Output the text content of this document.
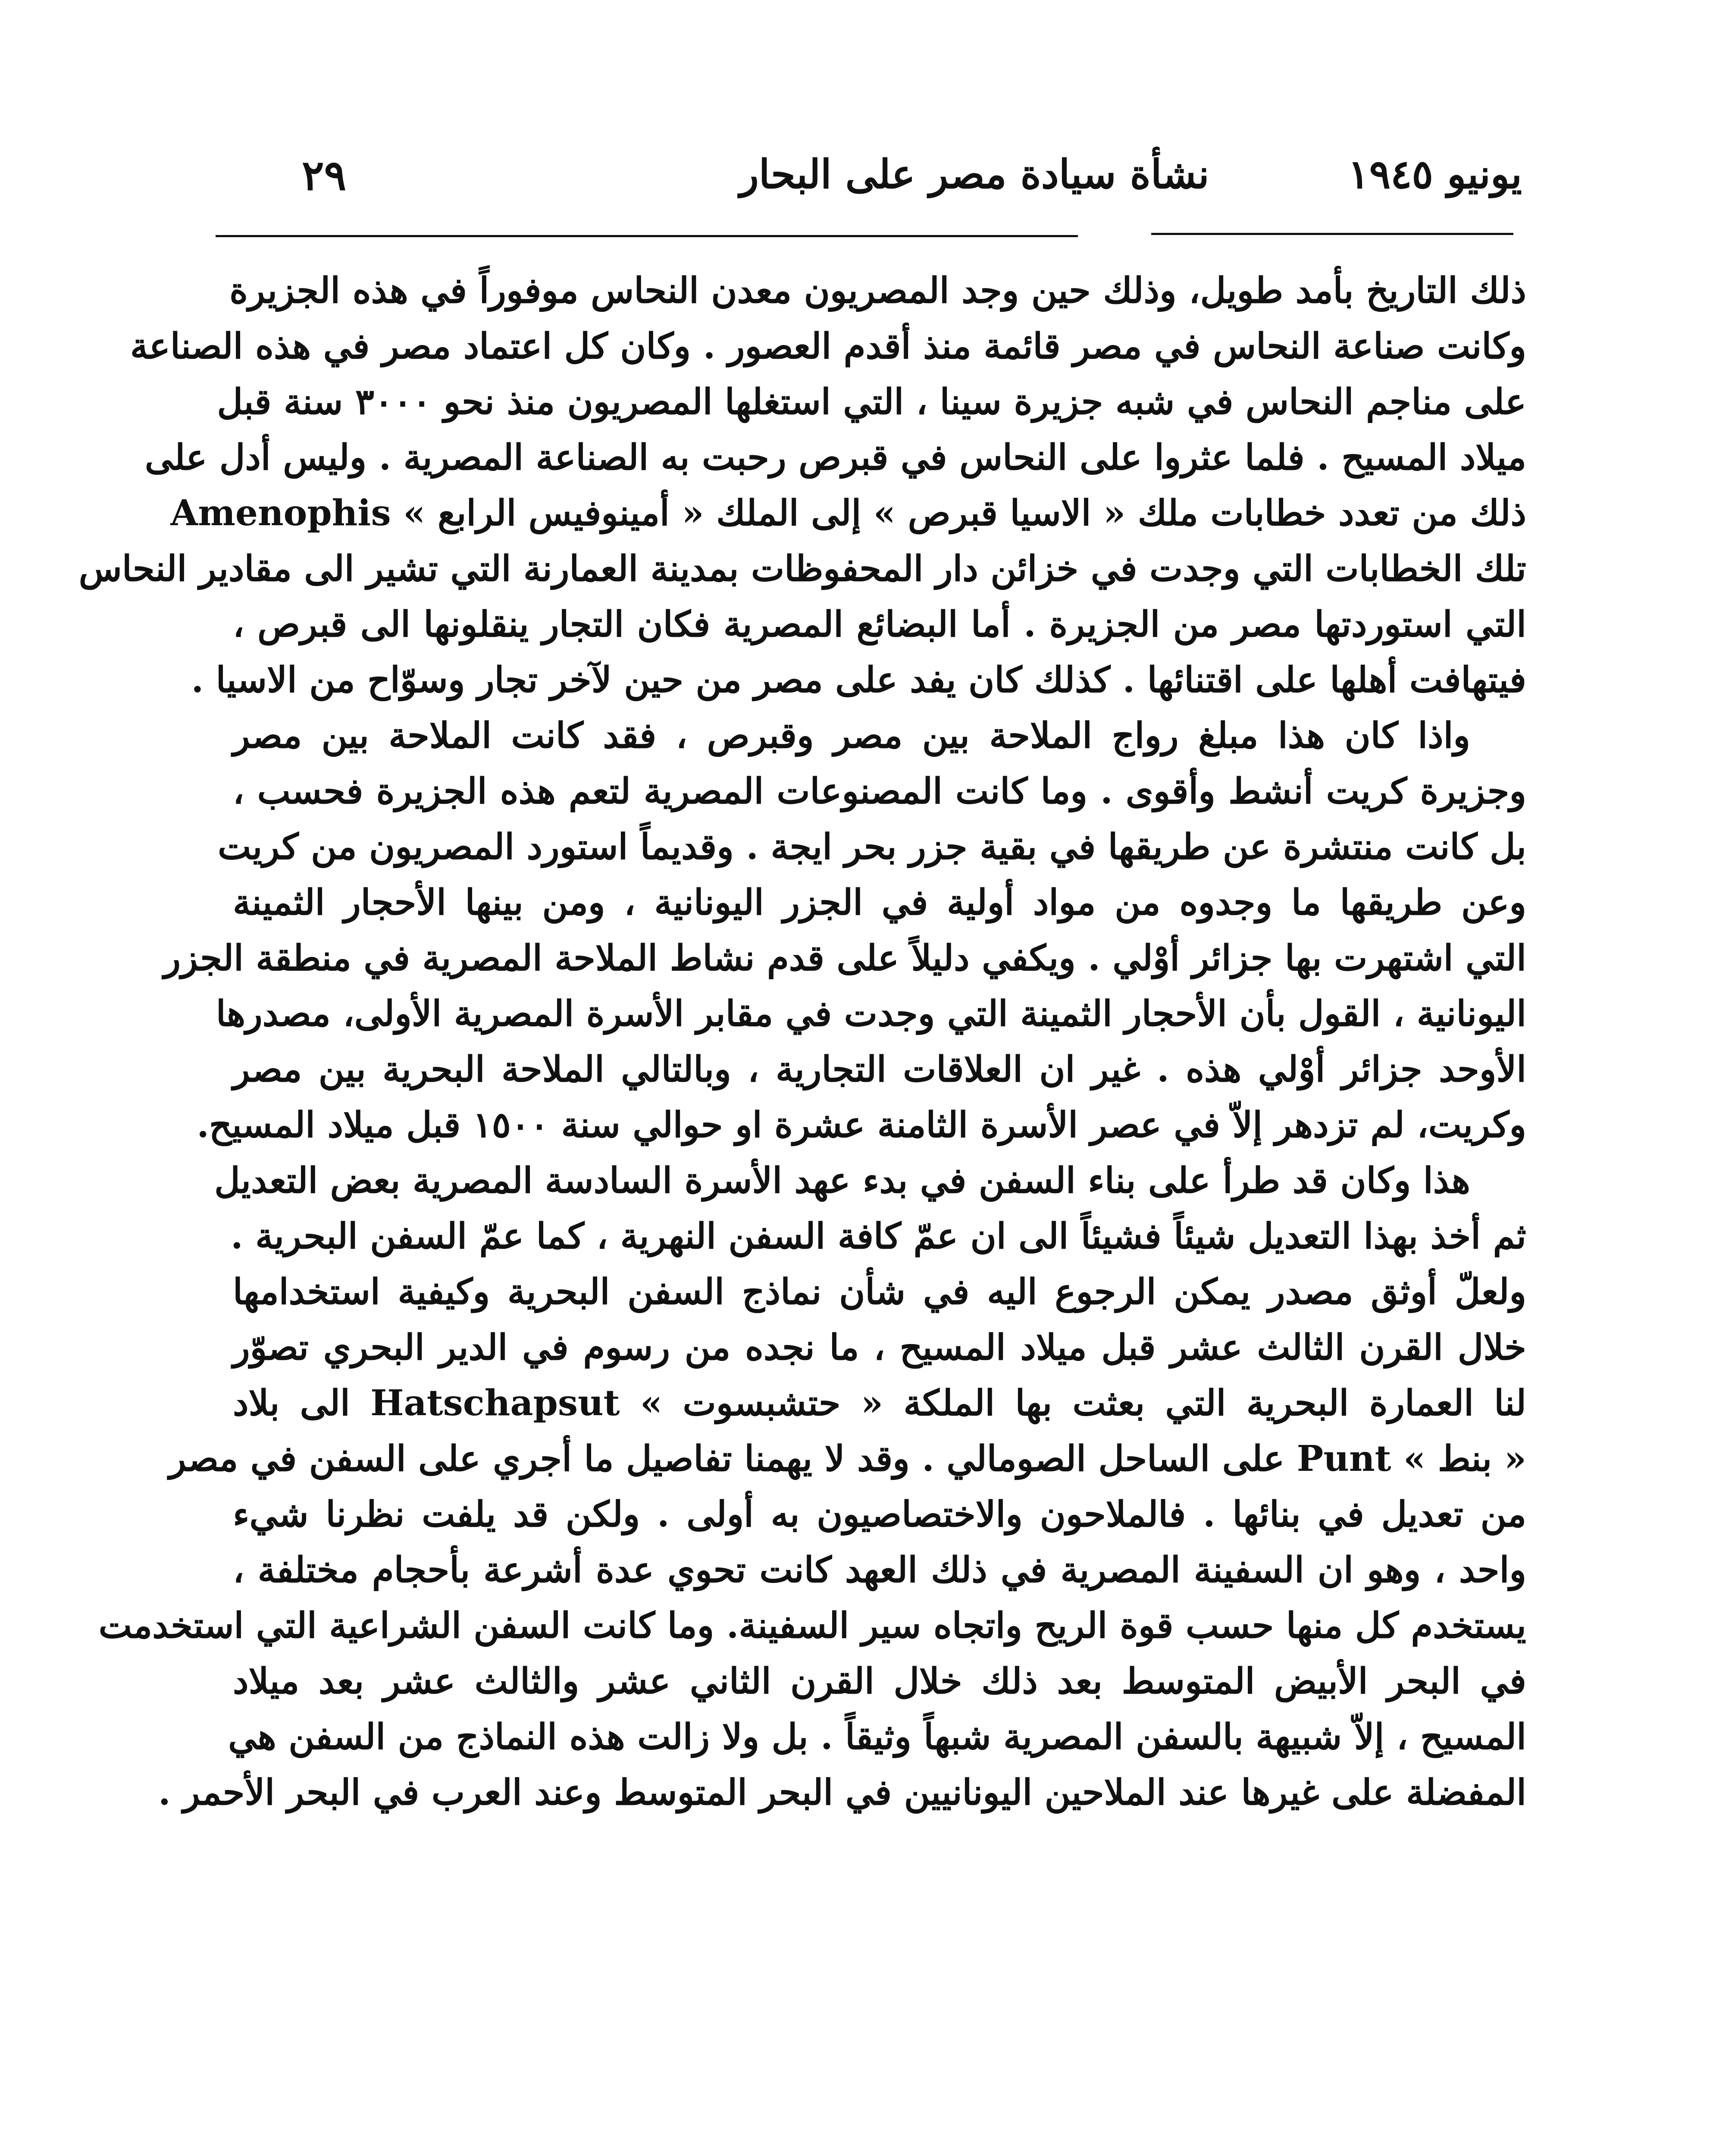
٢٩	نشأة سيادة مصر على البحار	يونيو ١٩٤٥
ذلك التاريخ بأمد طويل، وذلك حين وجد المصريون معدن النحاس موفوراً في هذه الجزيرة
وكانت صناعة النحاس في مصر قائمة منذ أقدم العصور . وكان كل اعتماد مصر في هذه الصناعة
على مناجم النحاس في شبه جزيرة سينا ، التي استغلها المصريون منذ نحو ٣٠٠٠ سنة قبل
ميلاد المسيح . فلما عثروا على النحاس في قبرص رحبت به الصناعة المصرية . وليس أدل على
ذلك من تعدد خطابات ملك « الاسيا قبرص » إلى الملك « أمينوفيس الرابع » Amenophis
تلك الخطابات التي وجدت في خزائن دار المحفوظات بمدينة العمارنة التي تشير الى مقادير النحاس
التي استوردتها مصر من الجزيرة . أما البضائع المصرية فكان التجار ينقلونها الى قبرص ،
فيتهافت أهلها على اقتنائها . كذلك كان يفد على مصر من حين لآخر تجار وسوّاح من الاسيا .
واذا كان هذا مبلغ رواج الملاحة بين مصر وقبرص ، فقد كانت الملاحة بين مصر
وجزيرة كريت أنشط وأقوى . وما كانت المصنوعات المصرية لتعم هذه الجزيرة فحسب ،
بل كانت منتشرة عن طريقها في بقية جزر بحر ايجة . وقديماً استورد المصريون من كريت
وعن طريقها ما وجدوه من مواد أولية في الجزر اليونانية ، ومن بينها الأحجار الثمينة
التي اشتهرت بها جزائر أوْلي . ويكفي دليلاً على قدم نشاط الملاحة المصرية في منطقة الجزر
اليونانية ، القول بأن الأحجار الثمينة التي وجدت في مقابر الأسرة المصرية الأولى، مصدرها
الأوحد جزائر أوْلي هذه . غير ان العلاقات التجارية ، وبالتالي الملاحة البحرية بين مصر
وكريت، لم تزدهر إلاّ في عصر الأسرة الثامنة عشرة او حوالي سنة ١٥٠٠ قبل ميلاد المسيح.
هذا وكان قد طرأ على بناء السفن في بدء عهد الأسرة السادسة المصرية بعض التعديل
ثم أخذ بهذا التعديل شيئاً فشيئاً الى ان عمّ كافة السفن النهرية ، كما عمّ السفن البحرية .
ولعلّ أوثق مصدر يمكن الرجوع اليه في شأن نماذج السفن البحرية وكيفية استخدامها
خلال القرن الثالث عشر قبل ميلاد المسيح ، ما نجده من رسوم في الدير البحري تصوّر
لنا العمارة البحرية التي بعثت بها الملكة « حتشبسوت » Hatschapsut الى بلاد
« بنط » Punt على الساحل الصومالي . وقد لا يهمنا تفاصيل ما أجري على السفن في مصر
من تعديل في بنائها . فالملاحون والاختصاصيون به أولى . ولكن قد يلفت نظرنا شيء
واحد ، وهو ان السفينة المصرية في ذلك العهد كانت تحوي عدة أشرعة بأحجام مختلفة ،
يستخدم كل منها حسب قوة الريح واتجاه سير السفينة. وما كانت السفن الشراعية التي استخدمت
في البحر الأبيض المتوسط بعد ذلك خلال القرن الثاني عشر والثالث عشر بعد ميلاد
المسيح ، إلاّ شبيهة بالسفن المصرية شبهاً وثيقاً . بل ولا زالت هذه النماذج من السفن هي
المفضلة على غيرها عند الملاحين اليونانيين في البحر المتوسط وعند العرب في البحر الأحمر .
